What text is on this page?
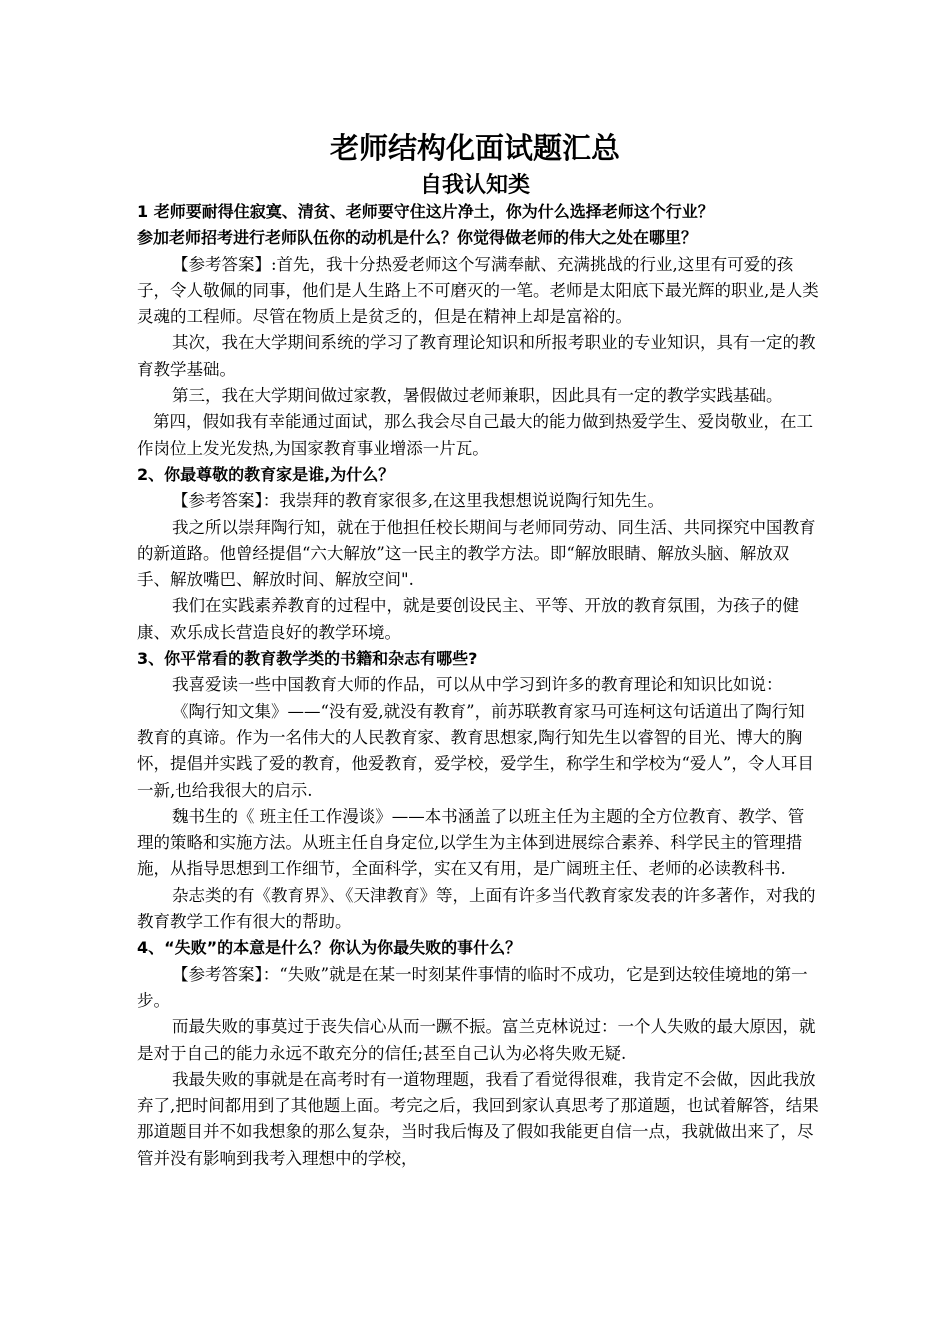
老师结构化面试题汇总
自我认知类

1 老师要耐得住寂寞、清贫、老师要守住这片净土，你为什么选择老师这个行业？

参加老师招考进行老师队伍你的动机是什么？你觉得做老师的伟大之处在哪里？

【参考答案】:首先，我十分热爱老师这个写满奉献、充满挑战的行业,这里有可爱的孩子，令人敬佩的同事，他们是人生路上不可磨灭的一笔。老师是太阳底下最光辉的职业,是人类灵魂的工程师。尽管在物质上是贫乏的，但是在精神上却是富裕的。

其次，我在大学期间系统的学习了教育理论知识和所报考职业的专业知识，具有一定的教育教学基础。

第三，我在大学期间做过家教，暑假做过老师兼职，因此具有一定的教学实践基础。

第四，假如我有幸能通过面试，那么我会尽自己最大的能力做到热爱学生、爱岗敬业，在工作岗位上发光发热,为国家教育事业增添一片瓦。

2、你最尊敬的教育家是谁,为什么？

【参考答案】：我崇拜的教育家很多,在这里我想想说说陶行知先生。

我之所以崇拜陶行知，就在于他担任校长期间与老师同劳动、同生活、共同探究中国教育的新道路。他曾经提倡“六大解放”这一民主的教学方法。即“解放眼睛、解放头脑、解放双手、解放嘴巴、解放时间、解放空间".

我们在实践素养教育的过程中，就是要创设民主、平等、开放的教育氛围，为孩子的健康、欢乐成长营造良好的教学环境。

3、你平常看的教育教学类的书籍和杂志有哪些?

我喜爱读一些中国教育大师的作品，可以从中学习到许多的教育理论和知识比如说：

《陶行知文集》——“没有爱,就没有教育”，前苏联教育家马可连柯这句话道出了陶行知教育的真谛。作为一名伟大的人民教育家、教育思想家,陶行知先生以睿智的目光、博大的胸怀，提倡并实践了爱的教育，他爱教育，爱学校，爱学生，称学生和学校为“爱人”，令人耳目一新,也给我很大的启示.

魏书生的《 班主任工作漫谈》——本书涵盖了以班主任为主题的全方位教育、教学、管理的策略和实施方法。从班主任自身定位,以学生为主体到进展综合素养、科学民主的管理措施，从指导思想到工作细节，全面科学，实在又有用，是广阔班主任、老师的必读教科书.

杂志类的有《教育界》、《天津教育》等，上面有许多当代教育家发表的许多著作，对我的教育教学工作有很大的帮助。

4、“失败”的本意是什么？你认为你最失败的事什么？

【参考答案】：“失败”就是在某一时刻某件事情的临时不成功，它是到达较佳境地的第一步。

而最失败的事莫过于丧失信心从而一蹶不振。富兰克林说过：一个人失败的最大原因，就是对于自己的能力永远不敢充分的信任;甚至自己认为必将失败无疑.

我最失败的事就是在高考时有一道物理题，我看了看觉得很难，我肯定不会做，因此我放弃了,把时间都用到了其他题上面。考完之后，我回到家认真思考了那道题，也试着解答，结果那道题目并不如我想象的那么复杂，当时我后悔及了假如我能更自信一点，我就做出来了，尽管并没有影响到我考入理想中的学校，
